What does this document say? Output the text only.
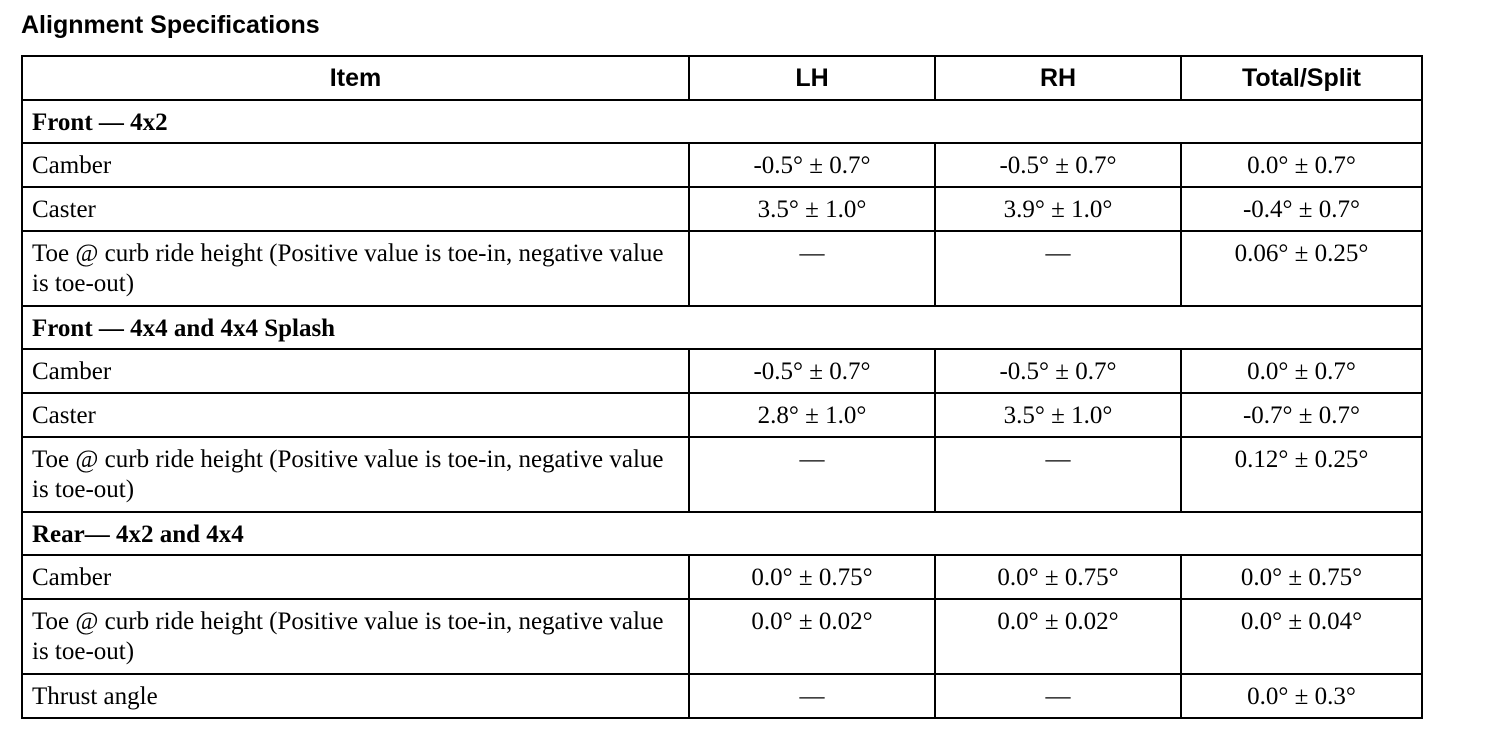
Alignment Specifications
Item	LH	RH	Total/Split
Front — 4x2			
Camber	-0.5° ± 0.7°	-0.5° ± 0.7°	0.0° ± 0.7°
Caster	3.5° ± 1.0°	3.9° ± 1.0°	-0.4° ± 0.7°
Toe @ curb ride height (Positive value is toe-in, negative value is toe-out)	—	—	0.06° ± 0.25°
Front — 4x4 and 4x4 Splash			
Camber	-0.5° ± 0.7°	-0.5° ± 0.7°	0.0° ± 0.7°
Caster	2.8° ± 1.0°	3.5° ± 1.0°	-0.7° ± 0.7°
Toe @ curb ride height (Positive value is toe-in, negative value is toe-out)	—	—	0.12° ± 0.25°
Rear— 4x2 and 4x4			
Camber	0.0° ± 0.75°	0.0° ± 0.75°	0.0° ± 0.75°
Toe @ curb ride height (Positive value is toe-in, negative value is toe-out)	0.0° ± 0.02°	0.0° ± 0.02°	0.0° ± 0.04°
Thrust angle	—	—	0.0° ± 0.3°
